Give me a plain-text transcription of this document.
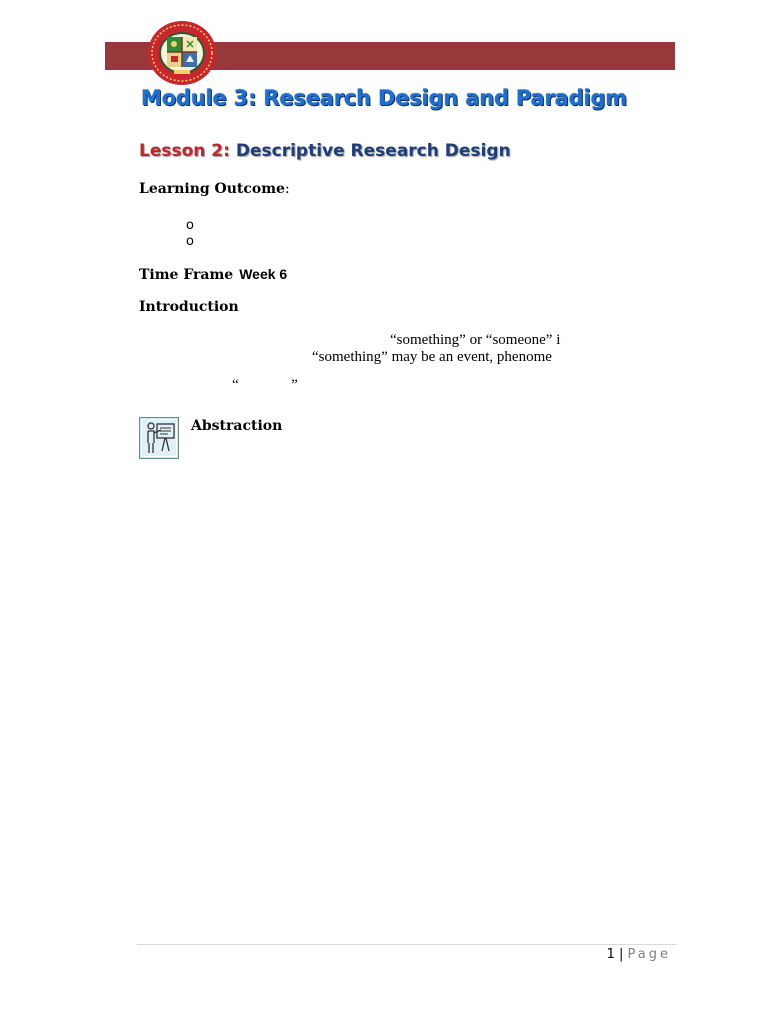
Module 3: Research Design and Paradigm
Lesson 2: Descriptive Research Design
Learning Outcome:
o
o
Time Frame Week 6
Introduction
“something” or “someone” i
“something” may be an event, phenome
“              ”
Abstraction
1 | Page
